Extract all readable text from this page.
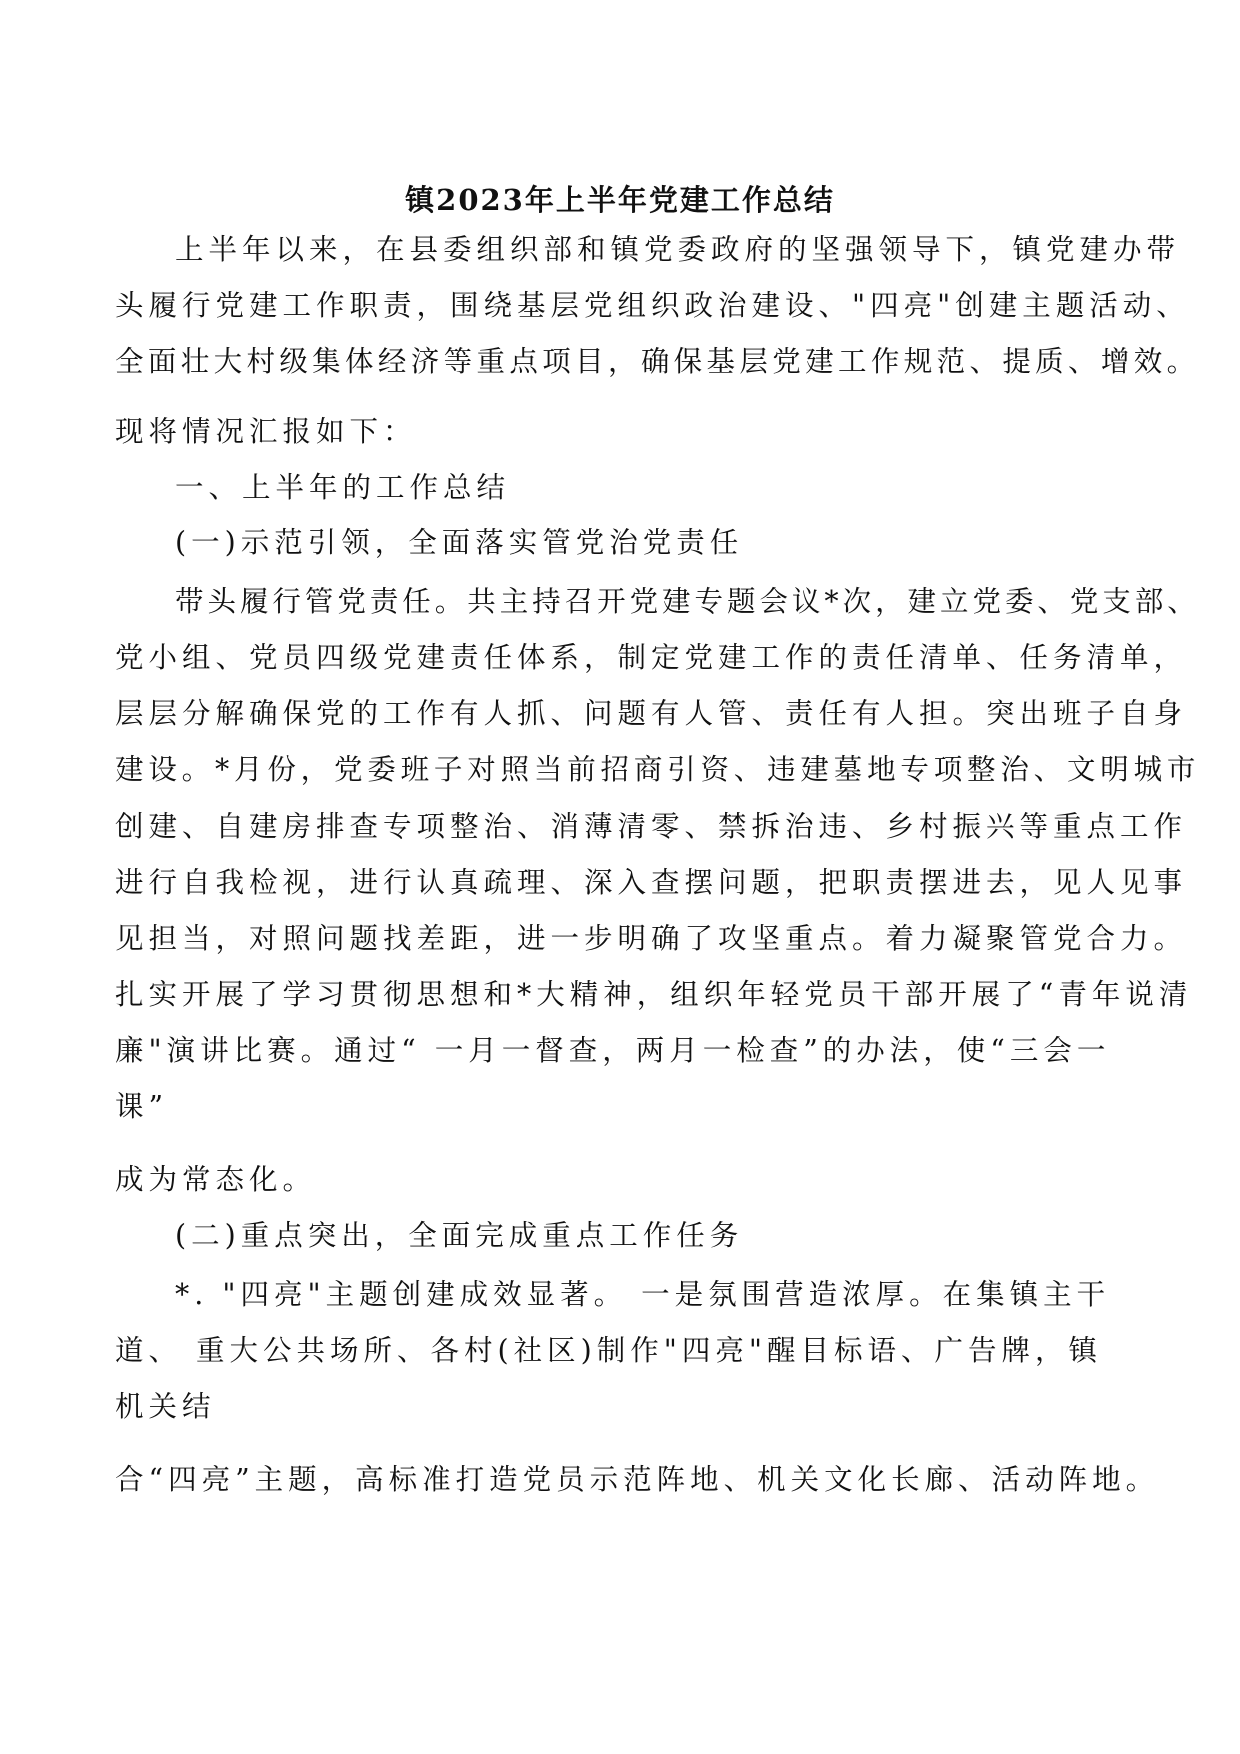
镇2023年上半年党建工作总结
上半年以来，在县委组织部和镇党委政府的坚强领导下，镇党建办带
头履行党建工作职责，围绕基层党组织政治建设、"四亮"创建主题活动、
全面壮大村级集体经济等重点项目，确保基层党建工作规范、提质、增效。
现将情况汇报如下：
一、上半年的工作总结
(一)示范引领，全面落实管党治党责任
带头履行管党责任。共主持召开党建专题会议*次，建立党委、党支部、
党小组、党员四级党建责任体系，制定党建工作的责任清单、任务清单，
层层分解确保党的工作有人抓、问题有人管、责任有人担。突出班子自身
建设。*月份，党委班子对照当前招商引资、违建墓地专项整治、文明城市
创建、自建房排查专项整治、消薄清零、禁拆治违、乡村振兴等重点工作
进行自我检视，进行认真疏理、深入查摆问题，把职责摆进去，见人见事
见担当，对照问题找差距，进一步明确了攻坚重点。着力凝聚管党合力。
扎实开展了学习贯彻思想和*大精神，组织年轻党员干部开展了“青年说清
廉"演讲比赛。通过“ 一月一督查，两月一检查”的办法，使“三会一
课”
成为常态化。
(二)重点突出，全面完成重点工作任务
*. "四亮"主题创建成效显著。 一是氛围营造浓厚。在集镇主干
道、 重大公共场所、各村(社区)制作"四亮"醒目标语、广告牌，镇
机关结
合“四亮”主题，高标准打造党员示范阵地、机关文化长廊、活动阵地。
